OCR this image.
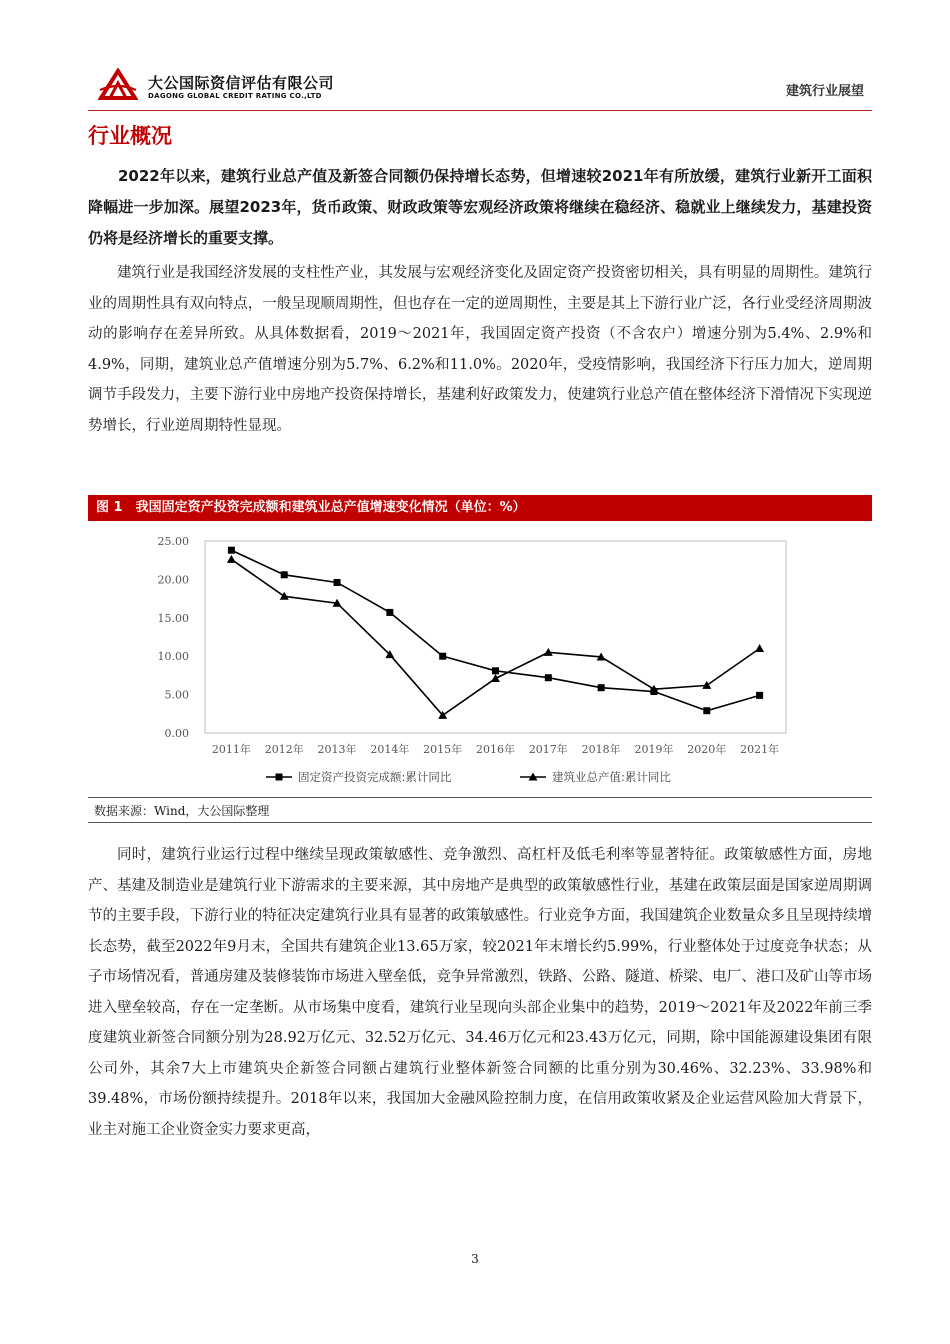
大公国际资信评估有限公司
DAGONG GLOBAL CREDIT RATING CO.,LTD	建筑行业展望
行业概况

2022年以来，建筑行业总产值及新签合同额仍保持增长态势，但增速较2021年有所放缓，建筑行业新开工面积降幅进一步加深。展望2023年，货币政策、财政政策等宏观经济政策将继续在稳经济、稳就业上继续发力，基建投资仍将是经济增长的重要支撑。

建筑行业是我国经济发展的支柱性产业，其发展与宏观经济变化及固定资产投资密切相关，具有明显的周期性。建筑行业的周期性具有双向特点，一般呈现顺周期性，但也存在一定的逆周期性，主要是其上下游行业广泛，各行业受经济周期波动的影响存在差异所致。从具体数据看，2019～2021年，我国固定资产投资（不含农户）增速分别为5.4%、2.9%和4.9%，同期，建筑业总产值增速分别为5.7%、6.2%和11.0%。2020年，受疫情影响，我国经济下行压力加大，逆周期调节手段发力，主要下游行业中房地产投资保持增长，基建利好政策发力，使建筑行业总产值在整体经济下滑情况下实现逆势增长，行业逆周期特性显现。

图 1　我国固定资产投资完成额和建筑业总产值增速变化情况（单位：%）
0.00
5.00
10.00
15.00
20.00
25.00
2011年 2012年 2013年 2014年 2015年 2016年 2017年 2018年 2019年 2020年 2021年
固定资产投资完成额:累计同比	建筑业总产值:累计同比
数据来源：Wind，大公国际整理

同时，建筑行业运行过程中继续呈现政策敏感性、竞争激烈、高杠杆及低毛利率等显著特征。政策敏感性方面，房地产、基建及制造业是建筑行业下游需求的主要来源，其中房地产是典型的政策敏感性行业，基建在政策层面是国家逆周期调节的主要手段，下游行业的特征决定建筑行业具有显著的政策敏感性。行业竞争方面，我国建筑企业数量众多且呈现持续增长态势，截至2022年9月末，全国共有建筑企业13.65万家，较2021年末增长约5.99%，行业整体处于过度竞争状态；从子市场情况看，普通房建及装修装饰市场进入壁垒低，竞争异常激烈，铁路、公路、隧道、桥梁、电厂、港口及矿山等市场进入壁垒较高，存在一定垄断。从市场集中度看，建筑行业呈现向头部企业集中的趋势，2019～2021年及2022年前三季度建筑业新签合同额分别为28.92万亿元、32.52万亿元、34.46万亿元和23.43万亿元，同期，除中国能源建设集团有限公司外，其余7大上市建筑央企新签合同额占建筑行业整体新签合同额的比重分别为30.46%、32.23%、33.98%和39.48%，市场份额持续提升。2018年以来，我国加大金融风险控制力度，在信用政策收紧及企业运营风险加大背景下，业主对施工企业资金实力要求更高，

3
